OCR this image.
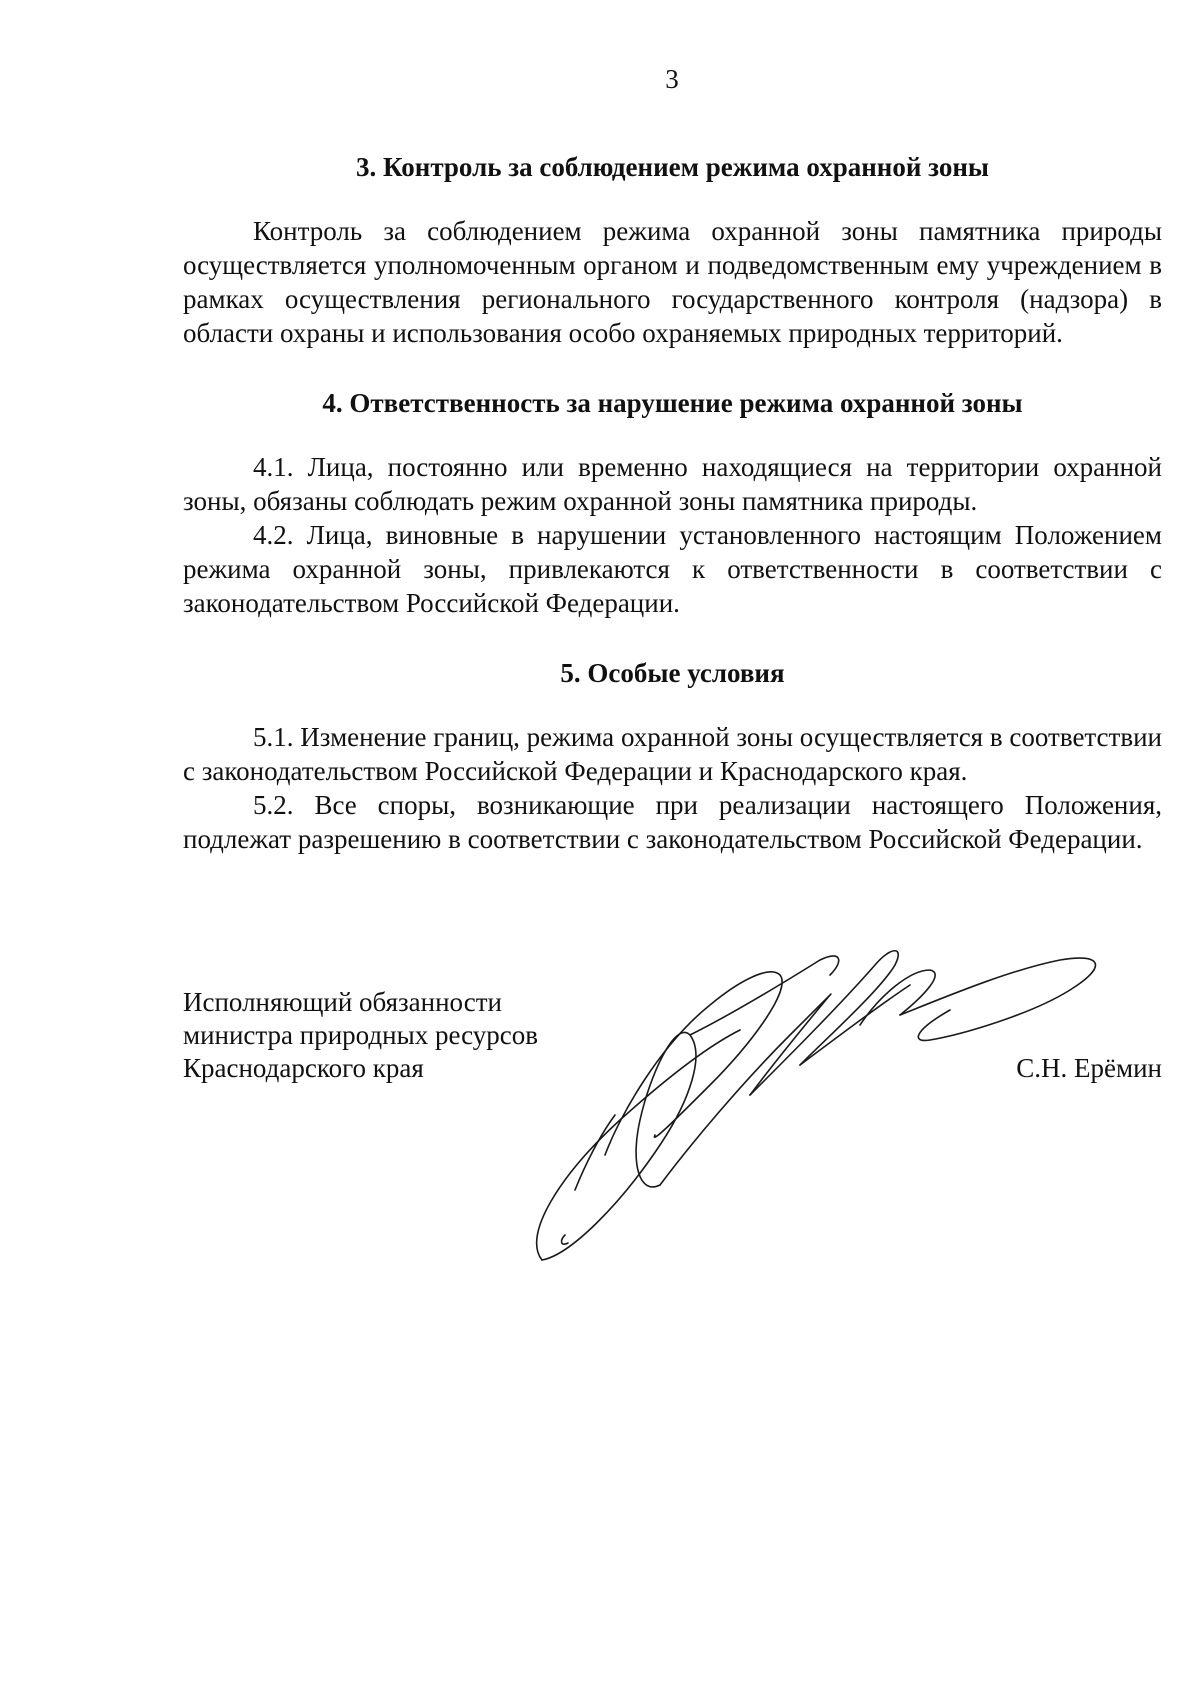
3

3. Контроль за соблюдением режима охранной зоны

Контроль за соблюдением режима охранной зоны памятника природы осуществляется уполномоченным органом и подведомственным ему учреждением в рамках осуществления регионального государственного контроля (надзора) в области охраны и использования особо охраняемых природных территорий.

4. Ответственность за нарушение режима охранной зоны

4.1. Лица, постоянно или временно находящиеся на территории охранной зоны, обязаны соблюдать режим охранной зоны памятника природы.

4.2. Лица, виновные в нарушении установленного настоящим Положением режима охранной зоны, привлекаются к ответственности в соответствии с законодательством Российской Федерации.

5. Особые условия

5.1. Изменение границ, режима охранной зоны осуществляется в соответствии с законодательством Российской Федерации и Краснодарского края.

5.2. Все споры, возникающие при реализации настоящего Положения, подлежат разрешению в соответствии с законодательством Российской Федерации.

Исполняющий обязанности
министра природных ресурсов
Краснодарского края	С.Н. Ерёмин
